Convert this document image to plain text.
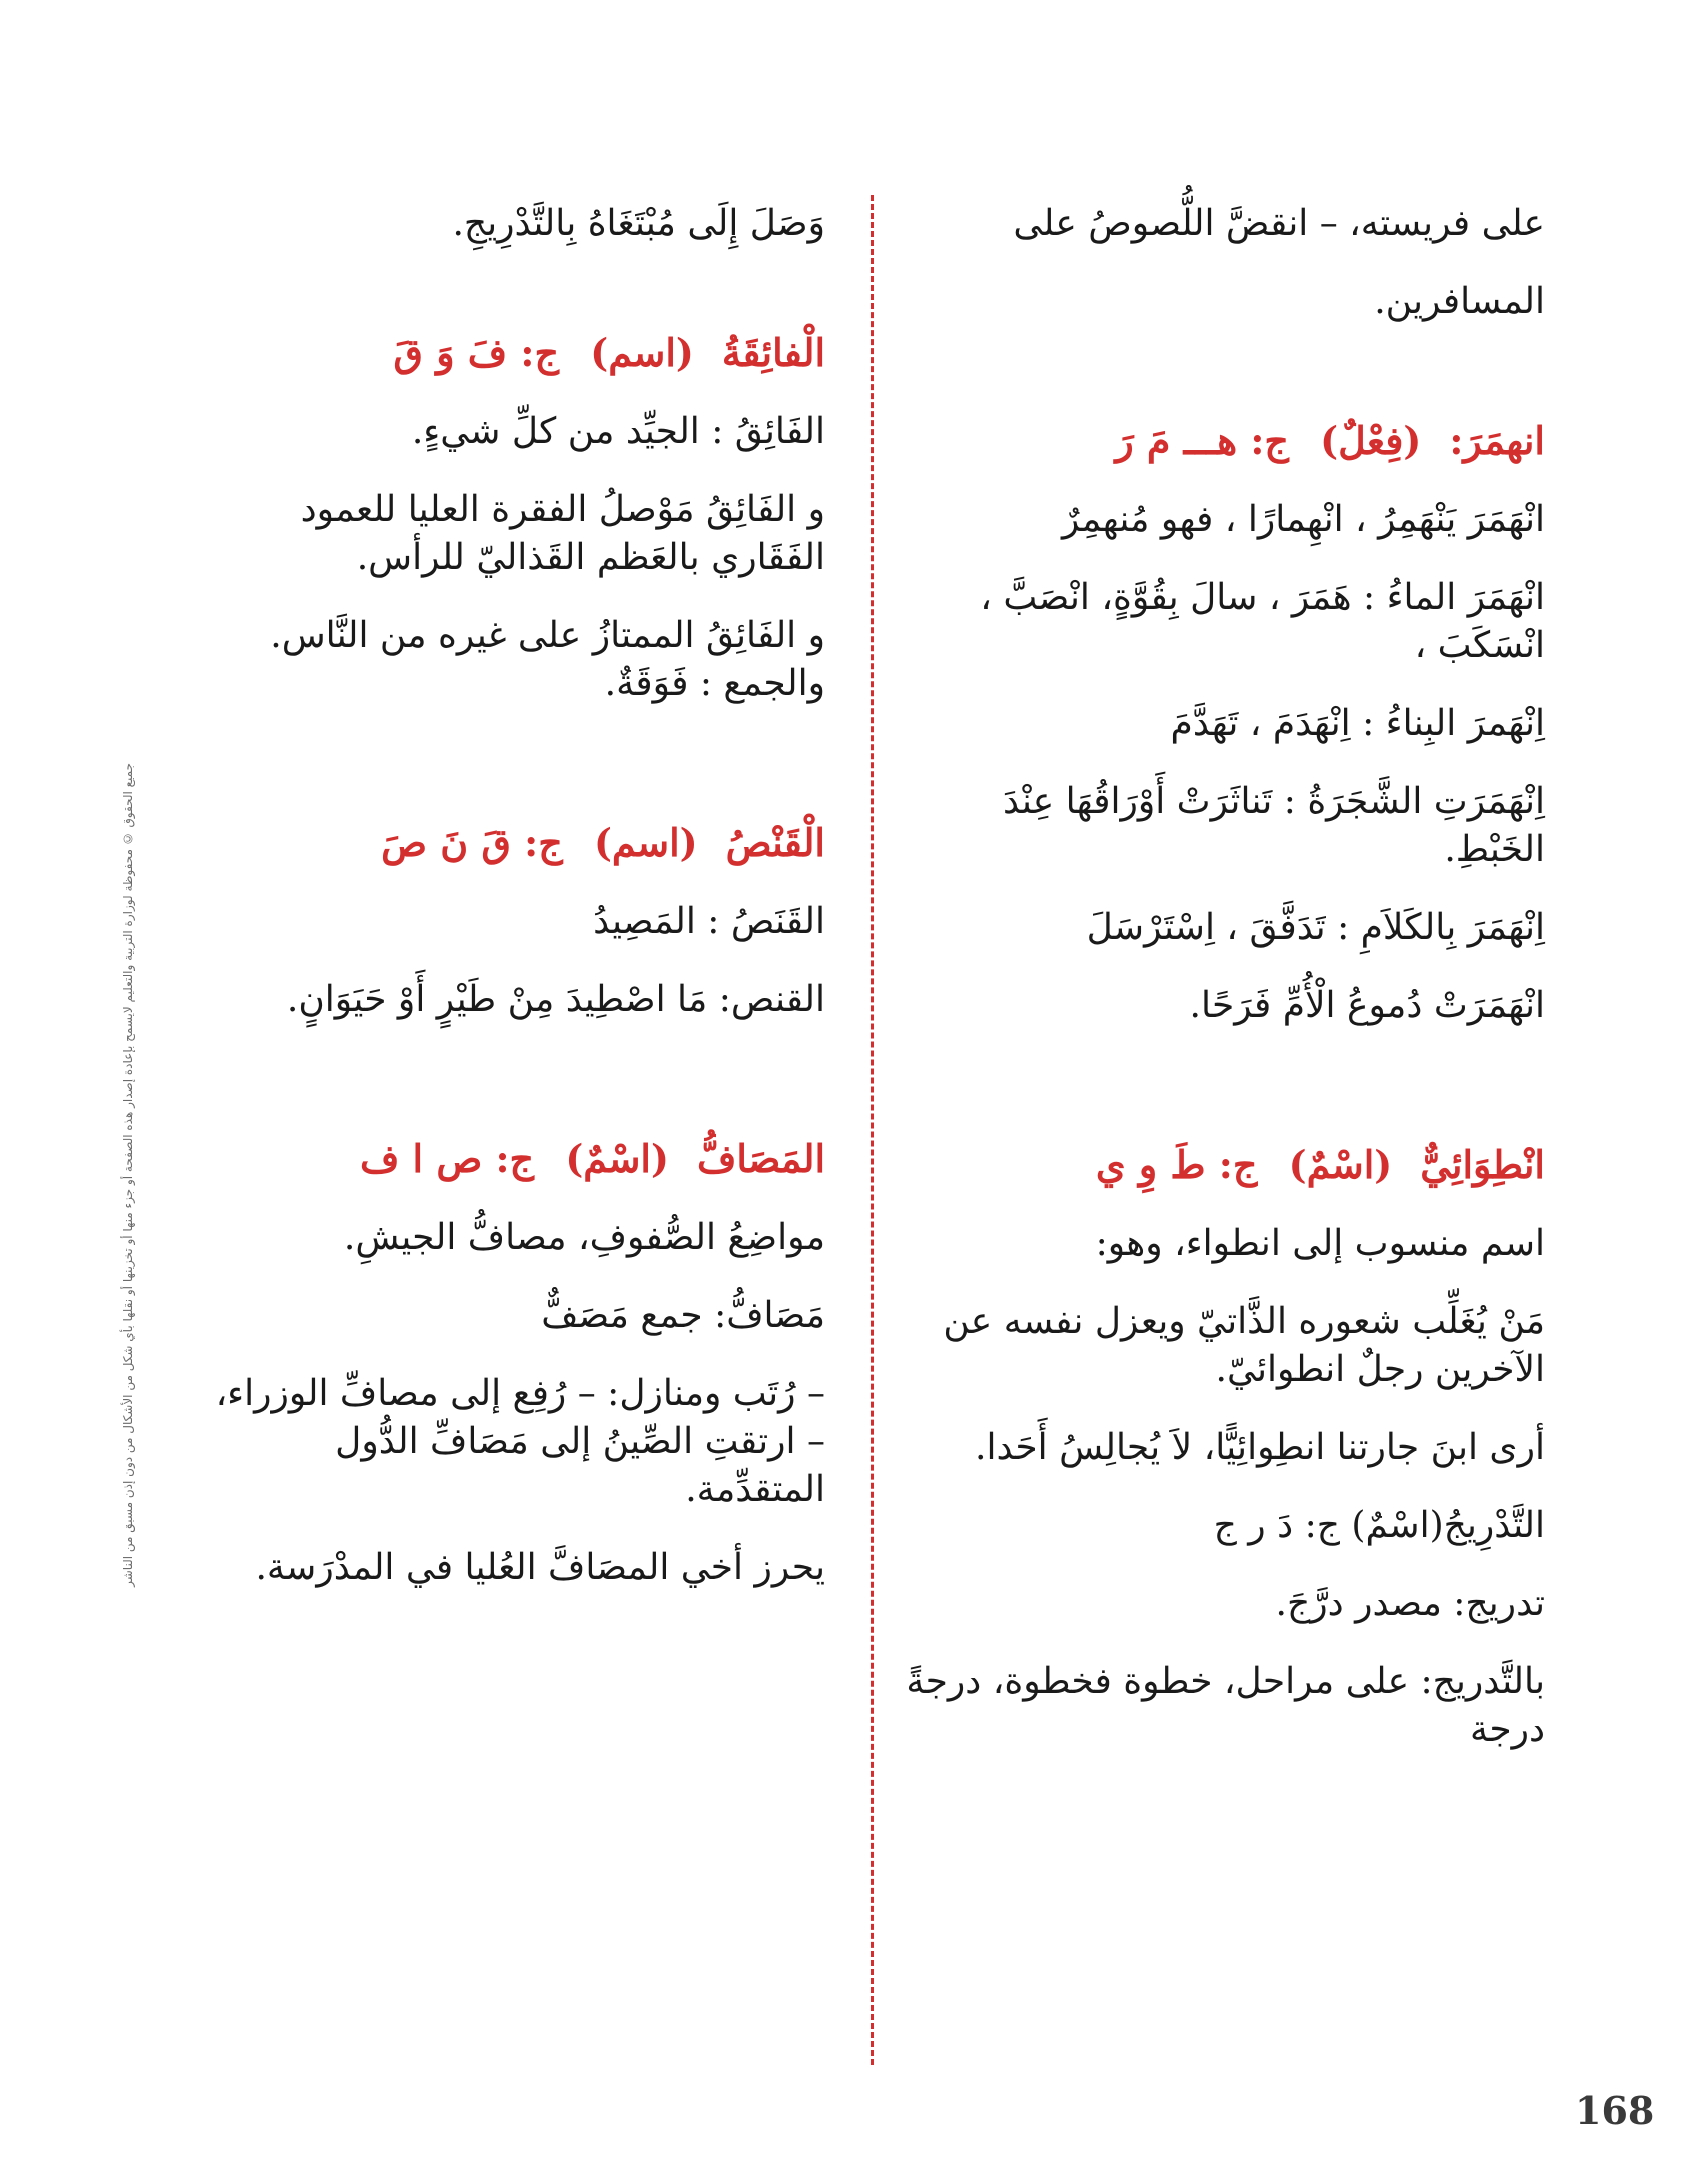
جميع الحقوق © محفوظة لوزارة التربية والتعليم لايسمح بإعادة إصدار هذه الصفحة أو جزء منها أو تخزينها أو نقلها بأي شكل من الأشكال من دون إذن مسبق من الناشر

على فريسته، – انقضَّ اللُّصوصُ على

المسافرين.

انهمَرَ:(فِعْلٌ) ج: هـــ مَ رَ

انْهَمَرَ يَنْهَمِرُ ، انْهِمارًا ، فهو مُنهمِرٌ

انْهَمَرَ الماءُ : هَمَرَ ، سالَ بِقُوَّةٍ، انْصَبَّ ، انْسَكَبَ ،

اِنْهَمرَ البِناءُ : اِنْهَدَمَ ، تَهَدَّمَ

اِنْهَمَرَتِ الشَّجَرَةُ : تَناثَرَتْ أَوْرَاقُهَا عِنْدَ الخَبْطِ.

اِنْهَمَرَ بِالكَلاَمِ : تَدَفَّقَ ، اِسْتَرْسَلَ

انْهَمَرَتْ دُموعُ الْأُمِّ فَرَحًا.

انْطِوَائِيٌّ(اسْمٌ) ج: طَ وِ ي

اسم منسوب إلى انطواء، وهو:

مَنْ يُغَلِّب شعوره الذَّاتيّ ويعزل نفسه عن الآخرين رجلٌ انطوائيّ.

أرى ابنَ جارتنا انطِوائِيًّا، لاَ يُجالِسُ أَحَدا.

التَّدْرِيجُ(اسْمٌ) ج: دَ ر ج

تدريج: مصدر درَّجَ.

بالتَّدريج: على مراحل، خطوة فخطوة، درجةً درجة

وَصَلَ إِلَى مُبْتَغَاهُ بِالتَّدْرِيجِ.

الْفائِقَةُ(اسم) ج: فَ وَ قَ

الفَائِقُ : الجيِّد من كلِّ شيءٍ.

و الفَائِقُ مَوْصلُ الفقرة العليا للعمود الفَقَاري بالعَظم القَذاليّ للرأس.

و الفَائِقُ الممتازُ على غيره من النَّاس. والجمع : فَوَقَةٌ.

الْقَنْصُ(اسم) ج: قَ نَ صَ

القَنَصُ : المَصِيدُ

القنص: مَا اصْطِيدَ مِنْ طَيْرٍ أَوْ حَيَوَانٍ.

المَصَافُّ(اسْمٌ) ج: ص ا ف

مواضِعُ الصُّفوفِ، مصافُّ الجيشِ.

مَصَافُّ: جمع مَصَفٌّ

– رُتَب ومنازل: – رُفِع إلى مصافِّ الوزراء، – ارتقتِ الصِّينُ إلى مَصَافِّ الدُّول المتقدِّمة.

يحرز أخي المصَافَّ العُليا في المدْرَسة.

168
